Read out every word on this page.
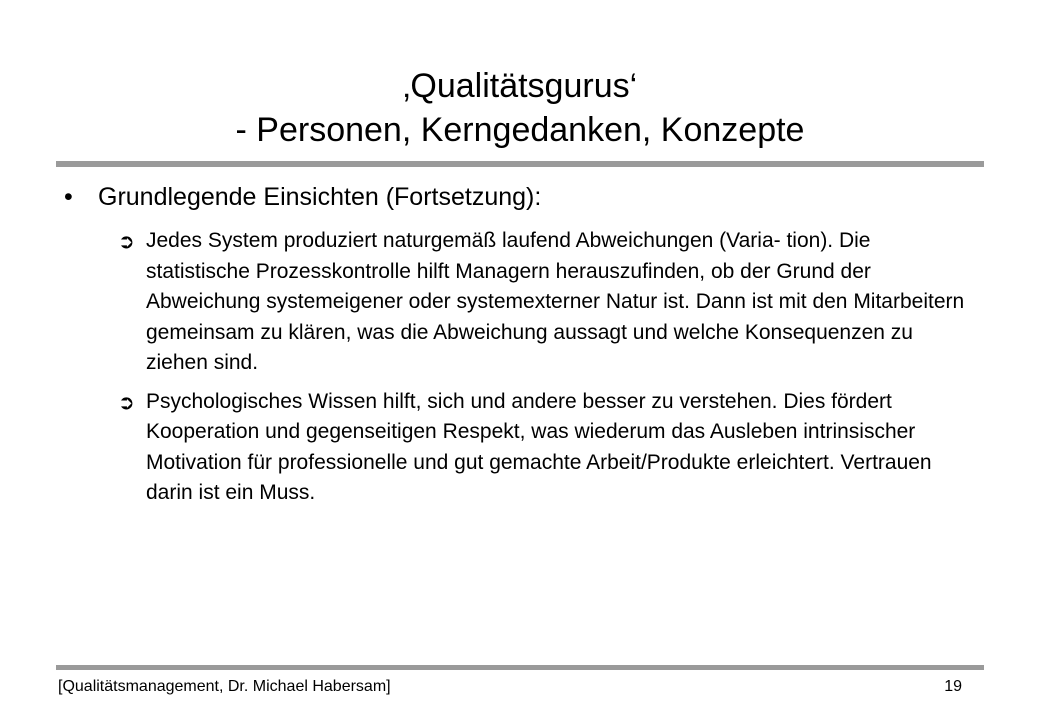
‚Qualitätsgurus‘
- Personen, Kerngedanken, Konzepte
•	Grundlegende Einsichten (Fortsetzung):
➲ Jedes System produziert naturgemäß laufend Abweichungen (Varia- tion). Die statistische Prozesskontrolle hilft Managern herauszufinden, ob der Grund der Abweichung systemeigener oder systemexterner Natur ist. Dann ist mit den Mitarbeitern gemeinsam zu klären, was die Abweichung aussagt und welche Konsequenzen zu ziehen sind.
➲ Psychologisches Wissen hilft, sich und andere besser zu verstehen. Dies fördert Kooperation und gegenseitigen Respekt, was wiederum das Ausleben intrinsischer Motivation für professionelle und gut gemachte Arbeit/Produkte erleichtert. Vertrauen darin ist ein Muss.
[Qualitätsmanagement, Dr. Michael Habersam]	19
